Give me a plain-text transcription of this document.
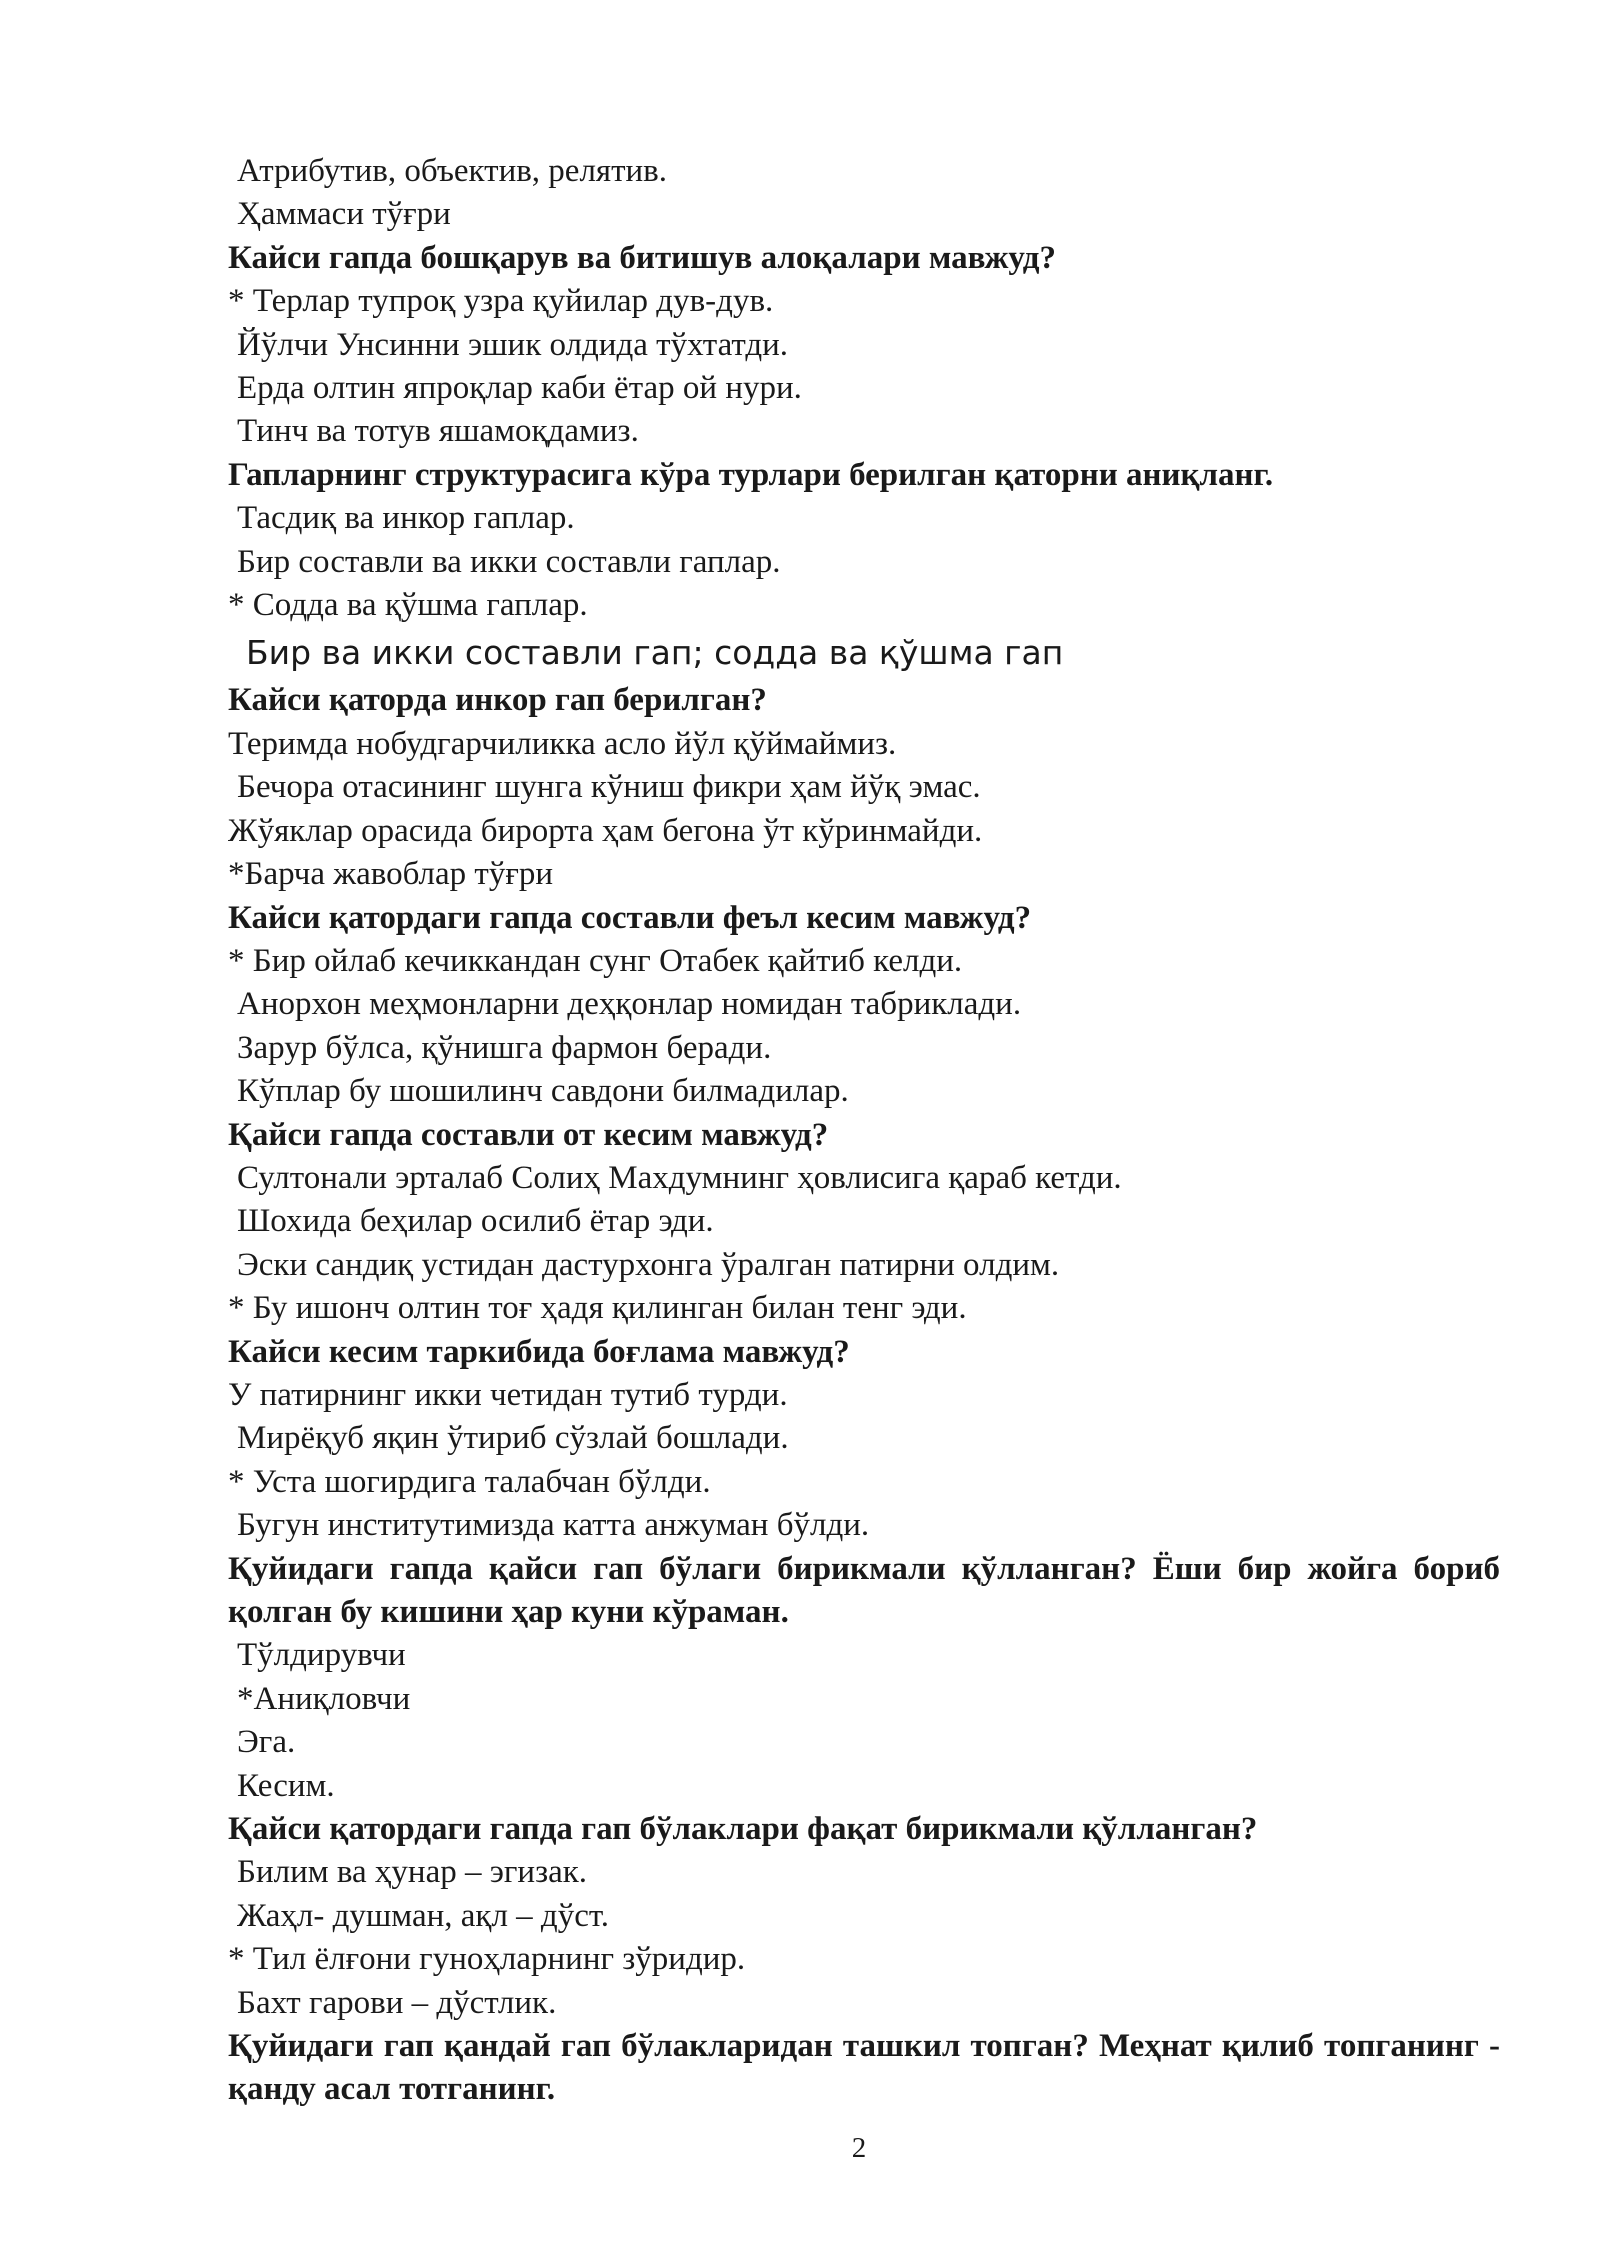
Атрибутив, объектив, релятив.
Ҳаммаси тўғри
Кайси гапда бошқарув ва битишув алоқалари мавжуд?
* Терлар тупроқ узра қуйилар дув-дув.
Йўлчи Унсинни эшик олдида тўхтатди.
Ерда олтин япроқлар каби ётар ой нури.
Тинч ва тотув яшамоқдамиз.
Гапларнинг структурасига кўра турлари берилган қаторни аниқланг.
Тасдиқ ва инкор гаплар.
Бир составли ва икки составли гаплар.
* Содда ва қўшма гаплар.
Бир ва икки составли гап; содда ва қўшма гап
Кайси қаторда инкор гап берилган?
Теримда нобудгарчиликка асло йўл қўймаймиз.
Бечора отасининг шунга кўниш фикри ҳам йўқ эмас.
Жўяклар орасида бирорта ҳам бегона ўт кўринмайди.
*Барча жавоблар тўғри
Кайси қатордаги гапда составли феъл кесим мавжуд?
* Бир ойлаб кечиккандан сунг Отабек қайтиб келди.
Анорхон меҳмонларни деҳқонлар номидан табриклади.
Зарур бўлса, қўнишга фармон беради.
Кўплар бу шошилинч савдони билмадилар.
Қайси гапда составли от кесим мавжуд?
Султонали эрталаб Солиҳ Махдумнинг ҳовлисига қараб кетди.
Шохида беҳилар осилиб ётар эди.
Эски сандиқ устидан дастурхонга ўралган патирни олдим.
* Бу ишонч олтин тоғ ҳадя қилинган билан тенг эди.
Кайси кесим таркибида боғлама мавжуд?
У патирнинг икки четидан тутиб турди.
Мирёқуб яқин ўтириб сўзлай бошлади.
* Уста шогирдига талабчан бўлди.
Бугун институтимизда катта анжуман бўлди.
Қуйидаги гапда қайси гап бўлаги бирикмали қўлланган? Ёши бир жойга бориб қолган бу кишини ҳар куни кўраман.
Тўлдирувчи
*Аниқловчи
Эга.
Кесим.
Қайси қатордаги гапда гап бўлаклари фақат бирикмали қўлланган?
Билим ва ҳунар – эгизак.
Жаҳл- душман, ақл – дўст.
* Тил ёлғони гуноҳларнинг зўридир.
Бахт гарови – дўстлик.
Қуйидаги гап қандай гап бўлакларидан ташкил топган? Меҳнат қилиб топганинг - қанду асал тотганинг.
2
